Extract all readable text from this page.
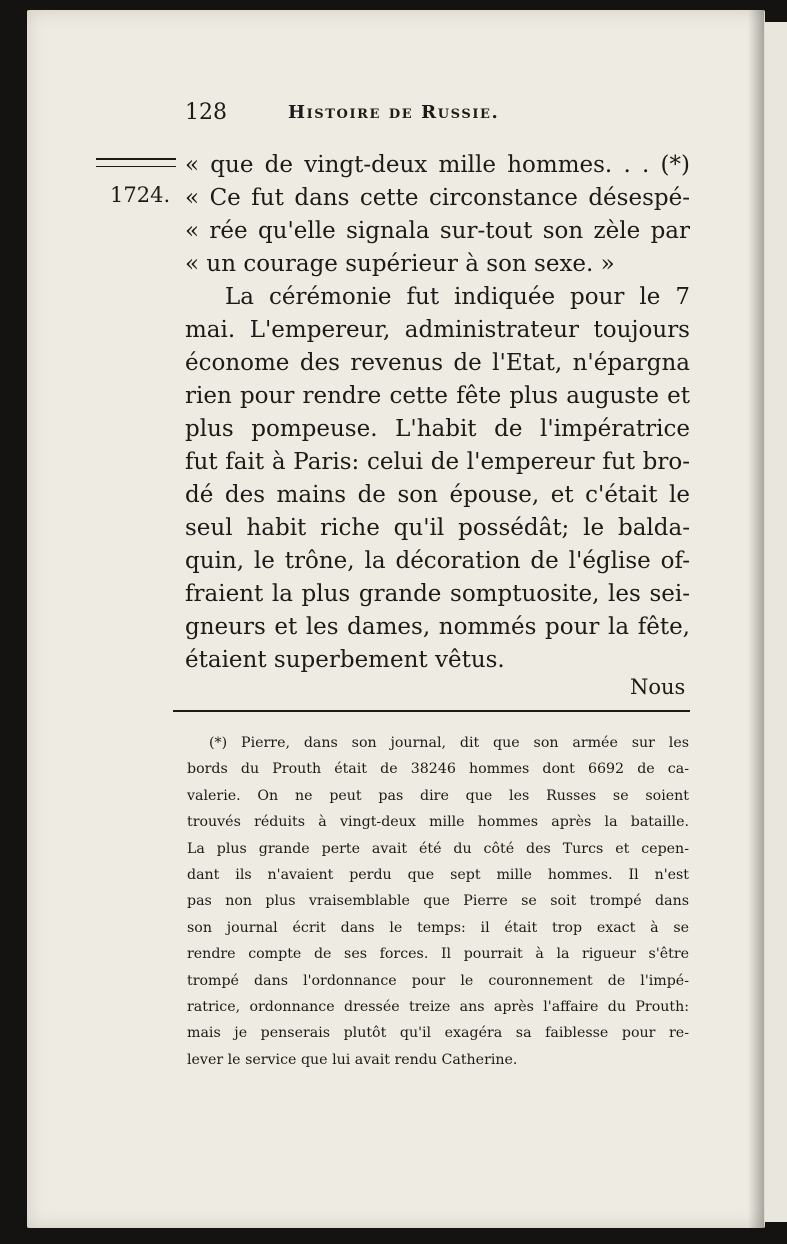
128	Histoire de Russie.
1724.
« que de vingt-deux mille hommes. . . (*)
« Ce fut dans cette circonstance désespé-
« rée qu'elle signala sur-tout son zèle par
« un courage supérieur à son sexe. »
La cérémonie fut indiquée pour le 7
mai. L'empereur, administrateur toujours
économe des revenus de l'Etat, n'épargna
rien pour rendre cette fête plus auguste et
plus pompeuse. L'habit de l'impératrice
fut fait à Paris: celui de l'empereur fut bro-
dé des mains de son épouse, et c'était le
seul habit riche qu'il possédât; le balda-
quin, le trône, la décoration de l'église of-
fraient la plus grande somptuosite, les sei-
gneurs et les dames, nommés pour la fête,
étaient superbement vêtus.
Nous
(*) Pierre, dans son journal, dit que son armée sur les
bords du Prouth était de 38246 hommes dont 6692 de ca-
valerie. On ne peut pas dire que les Russes se soient
trouvés réduits à vingt-deux mille hommes après la bataille.
La plus grande perte avait été du côté des Turcs et cepen-
dant ils n'avaient perdu que sept mille hommes. Il n'est
pas non plus vraisemblable que Pierre se soit trompé dans
son journal écrit dans le temps: il était trop exact à se
rendre compte de ses forces. Il pourrait à la rigueur s'être
trompé dans l'ordonnance pour le couronnement de l'impé-
ratrice, ordonnance dressée treize ans après l'affaire du Prouth:
mais je penserais plutôt qu'il exagéra sa faiblesse pour re-
lever le service que lui avait rendu Catherine.
